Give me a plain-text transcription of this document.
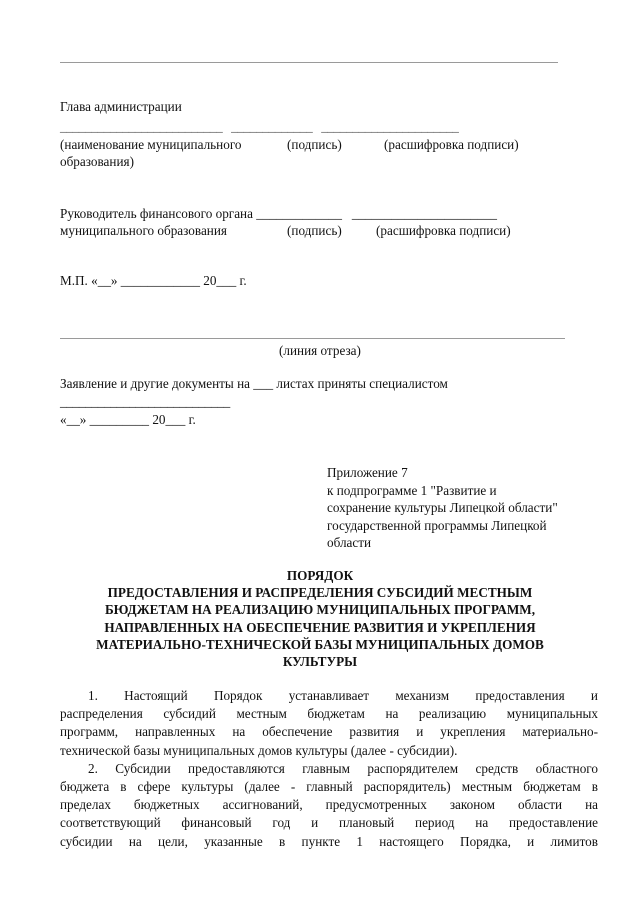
Глава администрации
__________________________   _____________   ______________________
(наименование муниципального	(подпись)	(расшифровка подписи)
образования)
Руководитель финансового органа _____________   ______________________
муниципального образования	(подпись)	(расшифровка подписи)
М.П. «__» ____________ 20___ г.
(линия отреза)
Заявление и другие документы на ___ листах приняты специалистом
___________________________
«__» _________ 20___ г.
Приложение 7
к подпрограмме 1 "Развитие и
сохранение культуры Липецкой области"
государственной программы Липецкой
области
ПОРЯДОК
ПРЕДОСТАВЛЕНИЯ И РАСПРЕДЕЛЕНИЯ СУБСИДИЙ МЕСТНЫМ
БЮДЖЕТАМ НА РЕАЛИЗАЦИЮ МУНИЦИПАЛЬНЫХ ПРОГРАММ,
НАПРАВЛЕННЫХ НА ОБЕСПЕЧЕНИЕ РАЗВИТИЯ И УКРЕПЛЕНИЯ
МАТЕРИАЛЬНО-ТЕХНИЧЕСКОЙ БАЗЫ МУНИЦИПАЛЬНЫХ ДОМОВ
КУЛЬТУРЫ
1. Настоящий Порядок устанавливает механизм предоставления и
распределения субсидий местным бюджетам на реализацию муниципальных
программ, направленных на обеспечение развития и укрепления материально-
технической базы муниципальных домов культуры (далее - субсидии).
2. Субсидии предоставляются главным распорядителем средств областного
бюджета в сфере культуры (далее - главный распорядитель) местным бюджетам в
пределах бюджетных ассигнований, предусмотренных законом области на
соответствующий финансовый год и плановый период на предоставление
субсидии на цели, указанные в пункте 1 настоящего Порядка, и лимитов
